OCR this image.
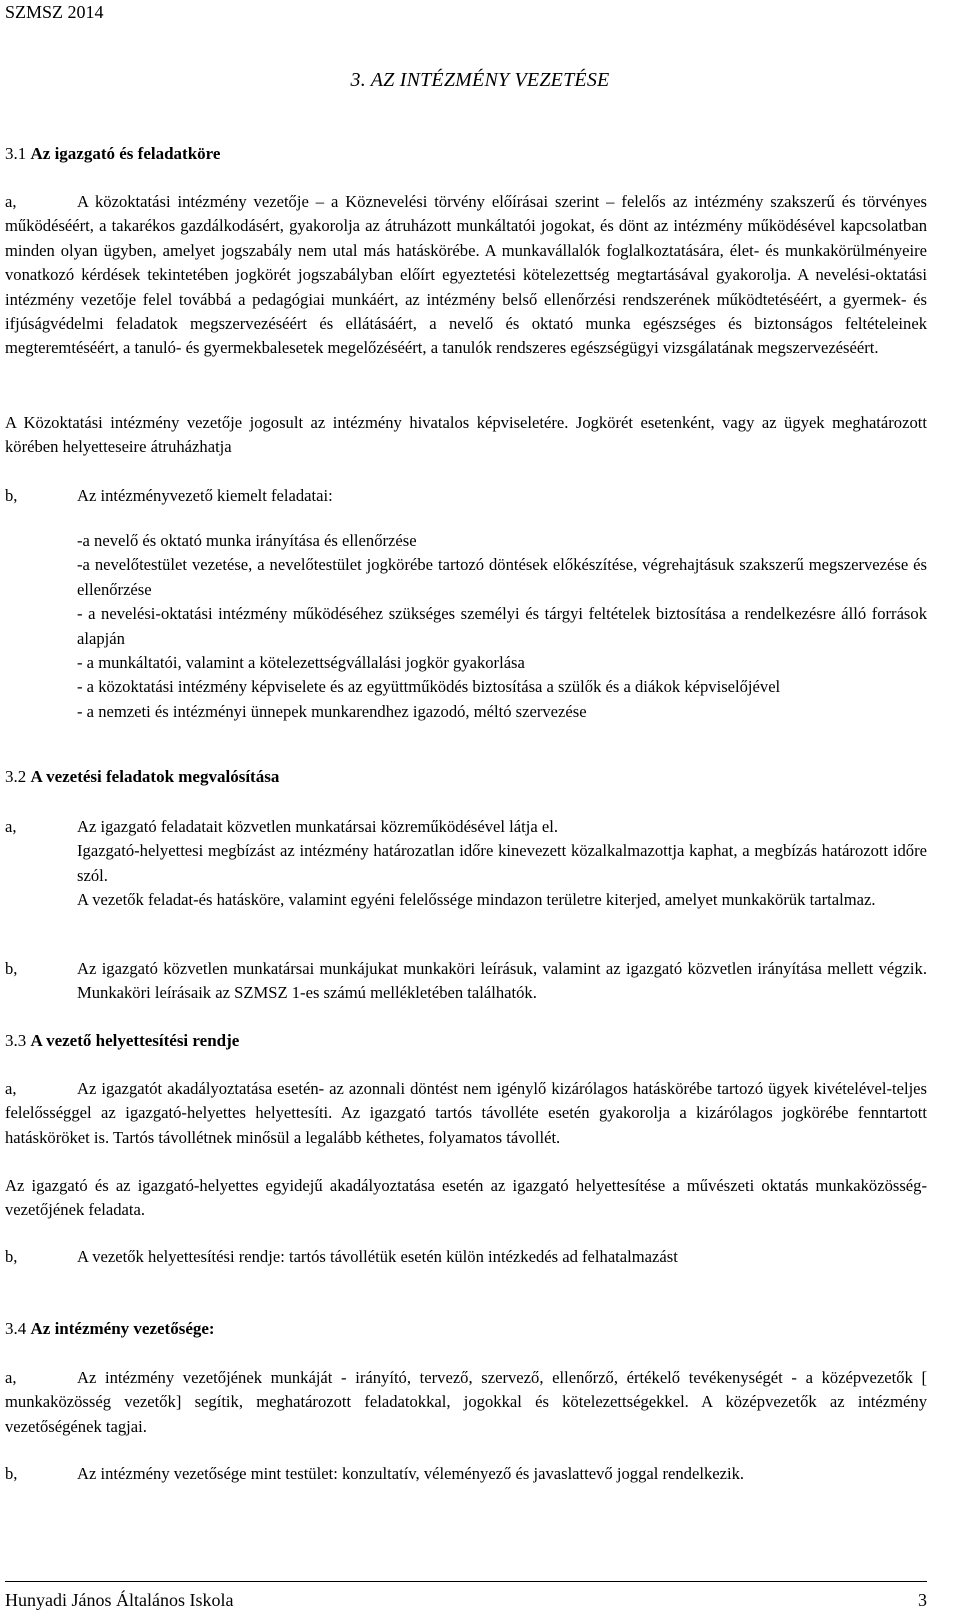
SZMSZ 2014
3. AZ INTÉZMÉNY VEZETÉSE
3.1 Az igazgató és feladatköre
a,	A közoktatási intézmény vezetője – a Köznevelési törvény előírásai szerint – felelős az intézmény szakszerű és törvényes működéséért, a takarékos gazdálkodásért, gyakorolja az átruházott munkáltatói jogokat, és dönt az intézmény működésével kapcsolatban minden olyan ügyben, amelyet jogszabály nem utal más hatáskörébe. A munkavállalók foglalkoztatására, élet- és munkakörülményeire vonatkozó kérdések tekintetében jogkörét jogszabályban előírt egyeztetési kötelezettség megtartásával gyakorolja. A nevelési-oktatási intézmény vezetője felel továbbá a pedagógiai munkáért, az intézmény belső ellenőrzési rendszerének működtetéséért, a gyermek- és ifjúságvédelmi feladatok megszervezéséért és ellátásáért, a nevelő és oktató munka egészséges és biztonságos feltételeinek megteremtéséért, a tanuló- és gyermekbalesetek megelőzéséért, a tanulók rendszeres egészségügyi vizsgálatának megszervezéséért.
A Közoktatási intézmény vezetője jogosult az intézmény hivatalos képviseletére. Jogkörét esetenként, vagy az ügyek meghatározott körében helyetteseire átruházhatja
b,	Az intézményvezető kiemelt feladatai:
-a nevelő és oktató munka irányítása és ellenőrzése
-a nevelőtestület vezetése, a nevelőtestület jogkörébe tartozó döntések előkészítése, végrehajtásuk szakszerű megszervezése és ellenőrzése
- a nevelési-oktatási intézmény működéséhez szükséges személyi és tárgyi feltételek biztosítása a rendelkezésre álló források alapján
- a munkáltatói, valamint a kötelezettségvállalási jogkör gyakorlása
- a közoktatási intézmény képviselete és az együttműködés biztosítása a szülők és a diákok képviselőjével
- a nemzeti és intézményi ünnepek munkarendhez igazodó, méltó szervezése
3.2 A vezetési feladatok megvalósítása
a,	Az igazgató feladatait közvetlen munkatársai közreműködésével látja el.
Igazgató-helyettesi megbízást az intézmény határozatlan időre kinevezett közalkalmazottja kaphat, a megbízás határozott időre szól.
A vezetők feladat-és hatásköre, valamint egyéni felelőssége mindazon területre kiterjed, amelyet munkakörük tartalmaz.
b,	Az igazgató közvetlen munkatársai munkájukat munkaköri leírásuk, valamint az igazgató közvetlen irányítása mellett végzik. Munkaköri leírásaik az SZMSZ 1-es számú mellékletében találhatók.
3.3 A vezető helyettesítési rendje
a,	Az igazgatót akadályoztatása esetén- az azonnali döntést nem igénylő kizárólagos hatáskörébe tartozó ügyek kivételével-teljes felelősséggel az igazgató-helyettes helyettesíti. Az igazgató tartós távolléte esetén gyakorolja a kizárólagos jogkörébe fenntartott hatásköröket is. Tartós távollétnek minősül a legalább kéthetes, folyamatos távollét.
Az igazgató és az igazgató-helyettes egyidejű akadályoztatása esetén az igazgató helyettesítése a művészeti oktatás munkaközösség-vezetőjének feladata.
b,	A vezetők helyettesítési rendje: tartós távollétük esetén külön intézkedés ad felhatalmazást
3.4 Az intézmény vezetősége:
a,	Az intézmény vezetőjének munkáját - irányító, tervező, szervező, ellenőrző, értékelő tevékenységét - a középvezetők [ munkaközösség vezetők] segítik, meghatározott feladatokkal, jogokkal és kötelezettségekkel. A középvezetők az intézmény vezetőségének tagjai.
b,	Az intézmény vezetősége mint testület: konzultatív, véleményező és javaslattevő joggal rendelkezik.
Hunyadi János Általános Iskola	3
